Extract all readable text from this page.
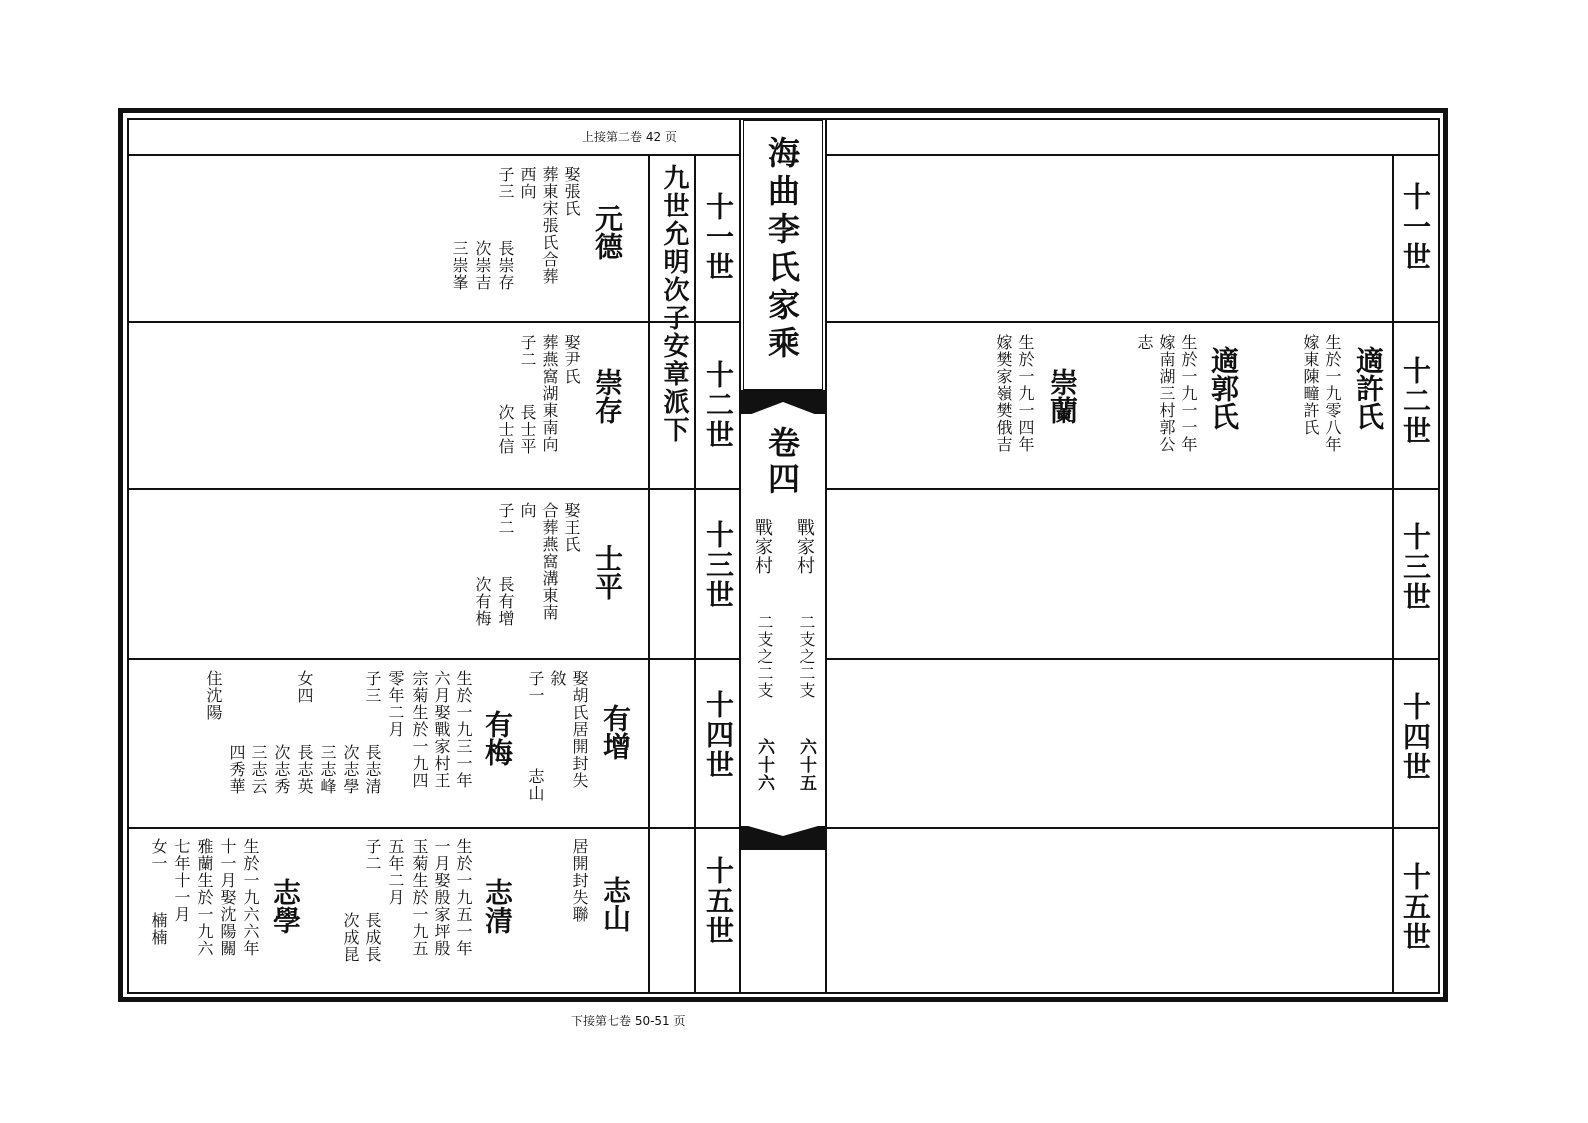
上接第二卷 42 页
下接第七卷 50-51 页
海曲李氏家乘
卷四
戰家村
二支之二支
六十五
戰家村
二支之二支
六十六
九世允明次子安章派下 十一世
十二世
十三世
十四世
十五世
十一世
十二世
十三世
十四世
十五世
元德
娶張氏
葬東宋張氏合葬
西向
子三
長崇存
次崇吉
三崇峯
崇存
娶尹氏
葬燕窩湖東南向
子二
長士平
次士信
士平
娶王氏
合葬燕窩溝東南
向
子二
長有增
次有梅
有增
娶胡氏居開封失
敘
子一
志山
有梅
生於一九三一年
六月娶戰家村王
宗菊生於一九四
零年二月
子三
長志清
次志學
三志峰
長志英
次志秀
三志云
四秀華
女四
住沈陽
志山
居開封失聯
志清
生於一九五一年
一月娶殷家坪殷
玉菊生於一九五
五年二月
子二
長成長
次成昆
志學
生於一九六六年
十一月娶沈陽關
雅蘭生於一九六
七年十一月
女一
楠楠
適許氏
生於一九零八年
嫁東陳疃許氏
適郭氏
生於一九一一年
嫁南湖三村郭公
志
崇蘭
生於一九一四年
嫁樊家嶺樊俄吉
